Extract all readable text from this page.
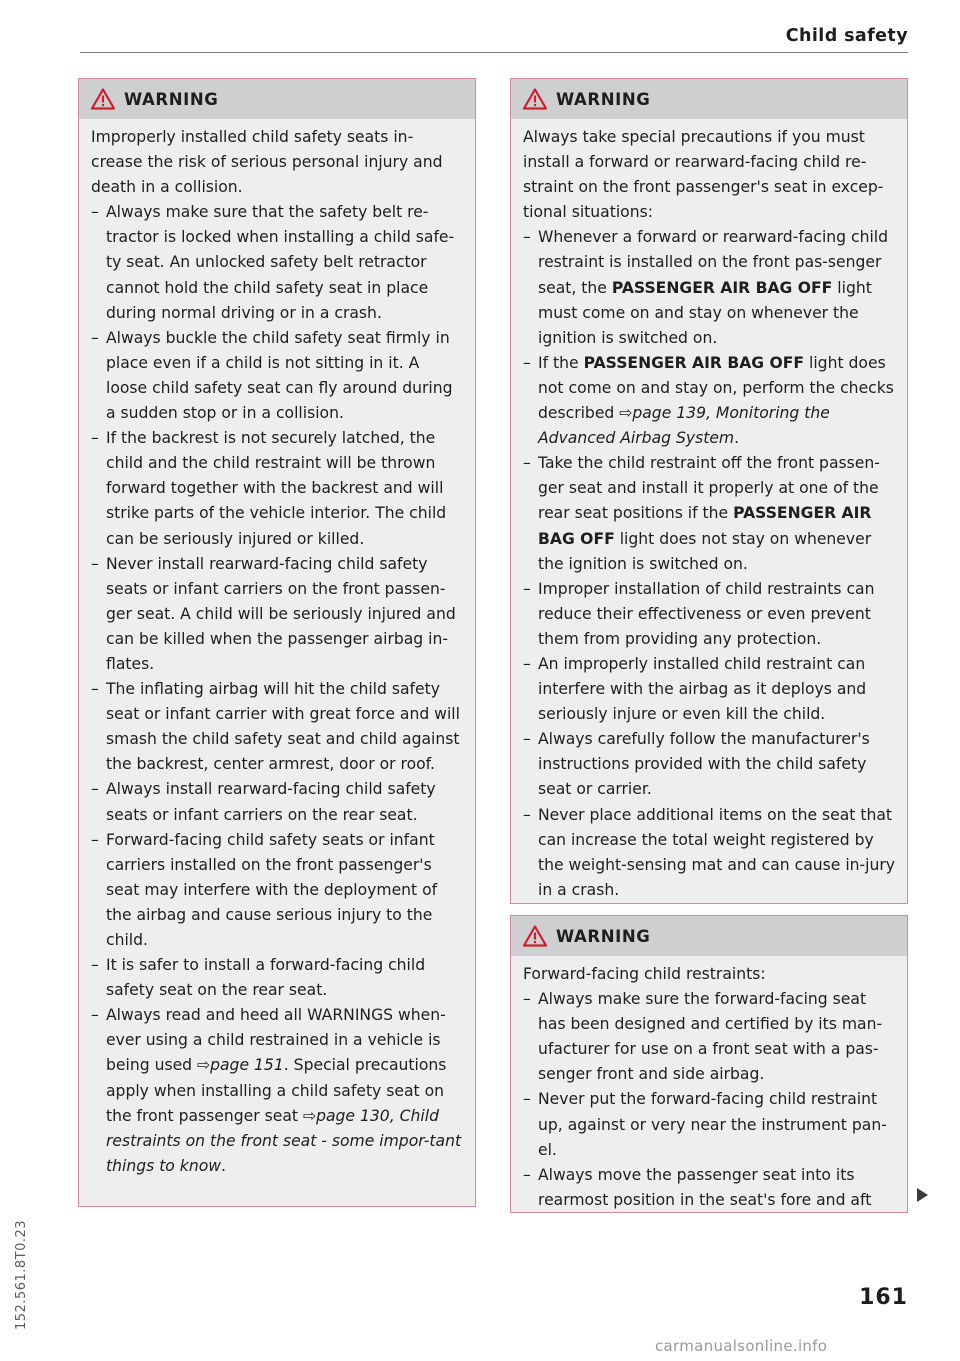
Child safety
WARNING

Improperly installed child safety seats in-crease the risk of serious personal injury and death in a collision.

– Always make sure that the safety belt re-tractor is locked when installing a child safe-ty seat. An unlocked safety belt retractor cannot hold the child safety seat in place during normal driving or in a crash.
– Always buckle the child safety seat firmly in place even if a child is not sitting in it. A loose child safety seat can fly around during a sudden stop or in a collision.
– If the backrest is not securely latched, the child and the child restraint will be thrown forward together with the backrest and will strike parts of the vehicle interior. The child can be seriously injured or killed.
– Never install rearward-facing child safety seats or infant carriers on the front passen-ger seat. A child will be seriously injured and can be killed when the passenger airbag in-flates.
– The inflating airbag will hit the child safety seat or infant carrier with great force and will smash the child safety seat and child against the backrest, center armrest, door or roof.
– Always install rearward-facing child safety seats or infant carriers on the rear seat.
– Forward-facing child safety seats or infant carriers installed on the front passenger's seat may interfere with the deployment of the airbag and cause serious injury to the child.
– It is safer to install a forward-facing child safety seat on the rear seat.
– Always read and heed all WARNINGS when-ever using a child restrained in a vehicle is being used ⇨page 151. Special precautions apply when installing a child safety seat on the front passenger seat ⇨page 130, Child restraints on the front seat - some impor-tant things to know.
WARNING

Always take special precautions if you must install a forward or rearward-facing child re-straint on the front passenger's seat in excep-tional situations:

– Whenever a forward or rearward-facing child restraint is installed on the front pas-senger seat, the PASSENGER AIR BAG OFF light must come on and stay on whenever the ignition is switched on.
– If the PASSENGER AIR BAG OFF light does not come on and stay on, perform the checks described ⇨page 139, Monitoring the Advanced Airbag System.
– Take the child restraint off the front passen-ger seat and install it properly at one of the rear seat positions if the PASSENGER AIR BAG OFF light does not stay on whenever the ignition is switched on.
– Improper installation of child restraints can reduce their effectiveness or even prevent them from providing any protection.
– An improperly installed child restraint can interfere with the airbag as it deploys and seriously injure or even kill the child.
– Always carefully follow the manufacturer's instructions provided with the child safety seat or carrier.
– Never place additional items on the seat that can increase the total weight registered by the weight-sensing mat and can cause in-jury in a crash.
WARNING

Forward-facing child restraints:

– Always make sure the forward-facing seat has been designed and certified by its man-ufacturer for use on a front seat with a pas-senger front and side airbag.
– Never put the forward-facing child restraint up, against or very near the instrument pan-el.
– Always move the passenger seat into its rearmost position in the seat's fore and aft
161
152.561.8T0.23
carmanualsonline.info
